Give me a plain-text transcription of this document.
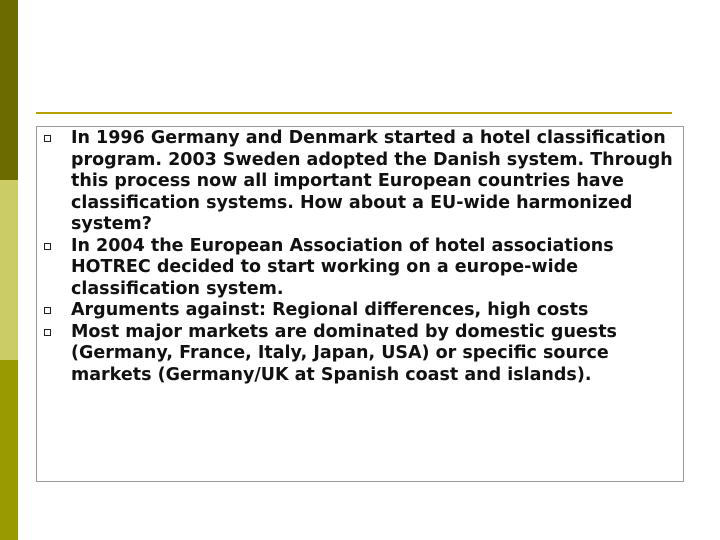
In 1996 Germany and Denmark started a hotel classification program. 2003 Sweden adopted the Danish system. Through this process now all important European countries have classification systems. How about a EU-wide harmonized system?
In 2004 the European Association of hotel associations HOTREC decided to start working on a europe-wide classification system.
Arguments against: Regional differences, high costs
Most major markets are dominated by domestic guests (Germany, France, Italy, Japan, USA) or specific source markets (Germany/UK at Spanish coast and islands).
